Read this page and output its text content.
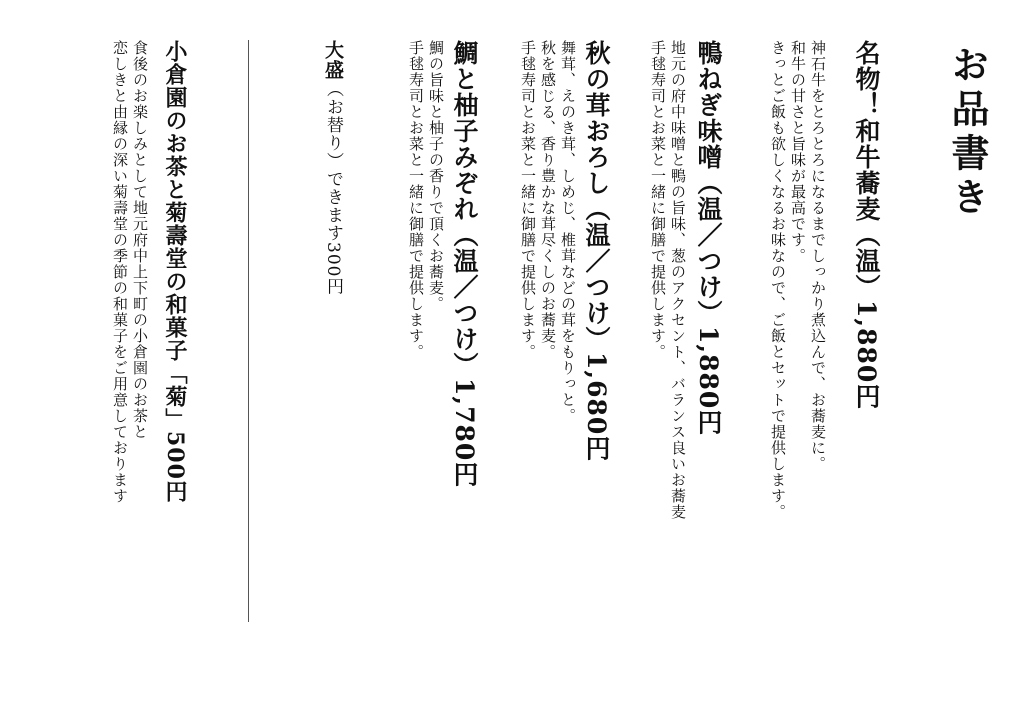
お品書き
名物！和牛蕎麦（温）1,880円
神石牛をとろとろになるまでしっかり煮込んで、お蕎麦に。
和牛の甘さと旨味が最高です。
きっとご飯も欲しくなるお味なので、ご飯とセットで提供します。
鴨ねぎ味噌（温／つけ）1,880円
地元の府中味噌と鴨の旨味、葱のアクセント、バランス良いお蕎麦
手毬寿司とお菜と一緒に御膳で提供します。
秋の茸おろし（温／つけ）1,680円
舞茸、えのき茸、しめじ、椎茸などの茸をもりっと。
秋を感じる、香り豊かな茸尽くしのお蕎麦。
手毬寿司とお菜と一緒に御膳で提供します。
鯛と柚子みぞれ（温／つけ）1,780円
鯛の旨味と柚子の香りで頂くお蕎麦。
手毬寿司とお菜と一緒に御膳で提供します。
大盛（お替り）できます300円
小倉園のお茶と菊壽堂の和菓子「菊」500円
食後のお楽しみとして地元府中上下町の小倉園のお茶と
恋しきと由縁の深い菊壽堂の季節の和菓子をご用意しております
